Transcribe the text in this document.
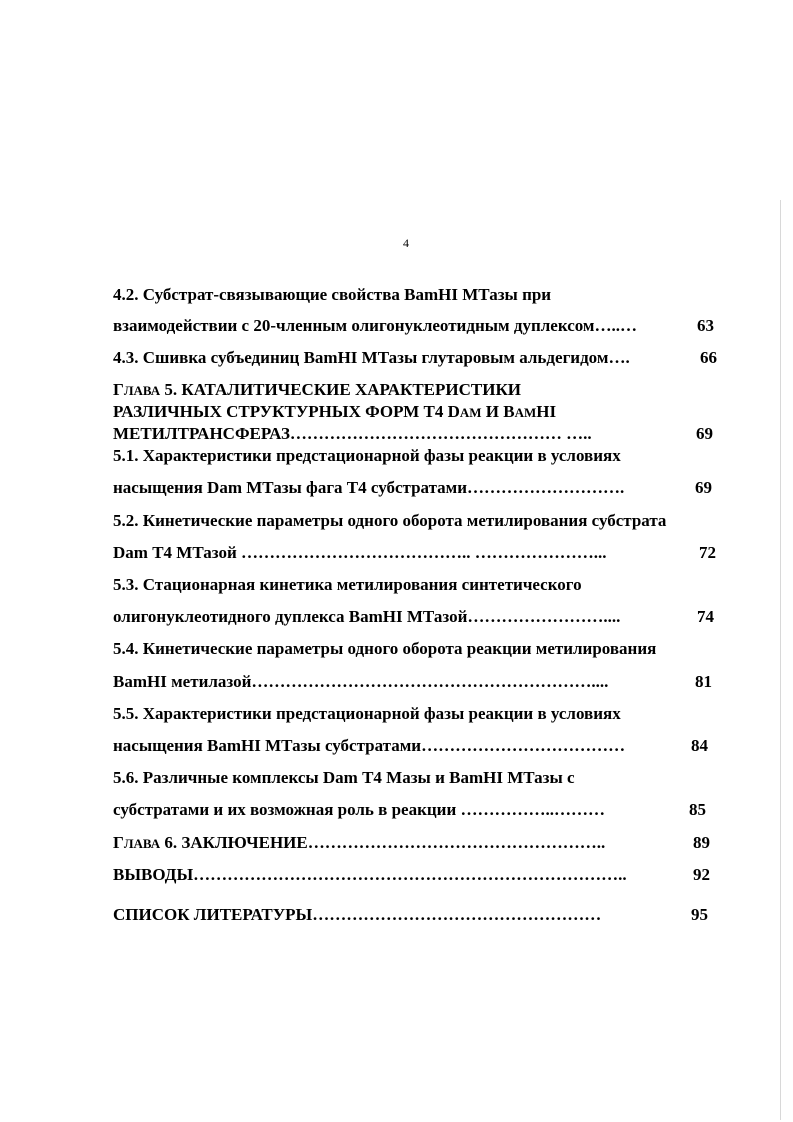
4
4.2. Субстрат-связывающие свойства BamHI МТазы при
взаимодействии с 20-членным олигонуклеотидным дуплексом…..…	63
4.3. Сшивка субъединиц BamHI МТазы глутаровым альдегидом….	66
ГЛАВА 5. КАТАЛИТИЧЕСКИЕ ХАРАКТЕРИСТИКИ
РАЗЛИЧНЫХ СТРУКТУРНЫХ ФОРМ Т4 DAM И BAMHI
МЕТИЛТРАНСФЕРАЗ………………………………………… …..	69
5.1. Характеристики предстационарной фазы реакции в условиях
насыщения Dam МТазы фага Т4 субстратами……………………….	69
5.2. Кинетические параметры одного оборота метилирования субстрата
Dam Т4 МТазой ………………………………….. …………………...	72
5.3. Стационарная кинетика метилирования синтетического
олигонуклеотидного дуплекса BamHI МТазой……………………....	74
5.4. Кинетические параметры одного оборота реакции метилирования
BamHI метилазой……………………………………………………....	81
5.5. Характеристики предстационарной фазы реакции в условиях
насыщения BamHI МТазы субстратами………………………………	84
5.6. Различные комплексы Dam Т4 Мазы и BamHI МТазы с
субстратами и их возможная роль в реакции ……………..………	85
ГЛАВА 6. ЗАКЛЮЧЕНИЕ……………………………………………..	89
ВЫВОДЫ…………………………………………………………………..	92
СПИСОК ЛИТЕРАТУРЫ……………………………………………	95
